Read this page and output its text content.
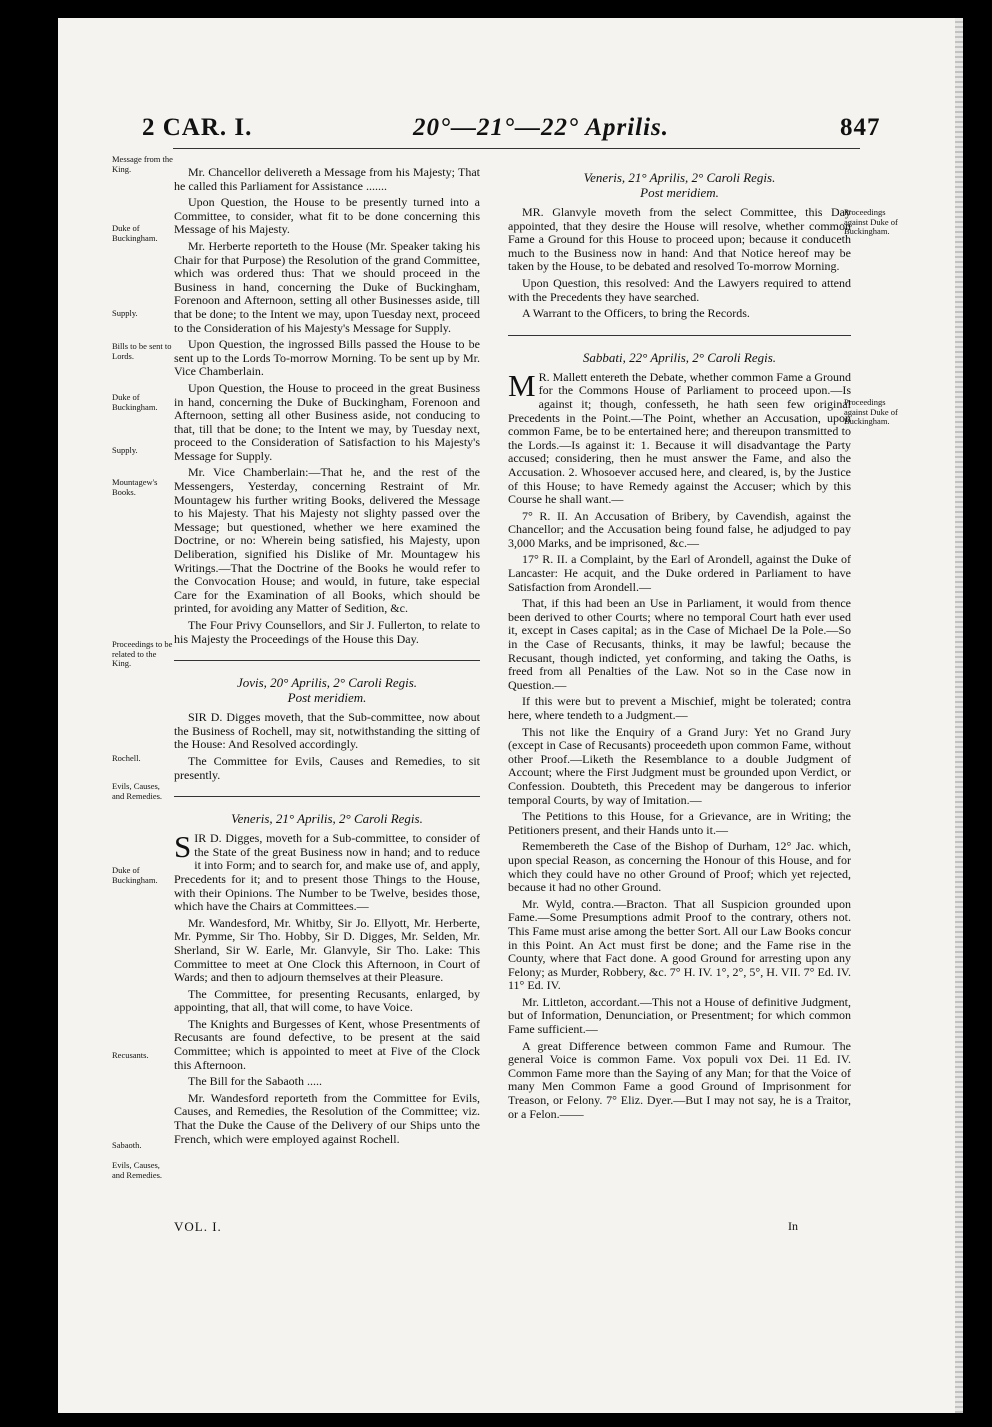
2 CAR. I.	20°—21°—22° Aprilis.	847
Message from the King.
Duke of Buckingham.
Supply.
Bills to be sent to Lords.
Duke of Buckingham.
Supply.
Mountagew's Books.
Proceedings to be related to the King.
Rochell.
Evils, Causes, and Remedies.
Duke of Buckingham.
Recusants.
Sabaoth.
Evils, Causes, and Remedies.
Proceedings against Duke of Buckingham.
Proceedings against Duke of Buckingham.

Mr. Chancellor delivereth a Message from his Majesty; That he called this Parliament for Assistance .......

Upon Question, the House to be presently turned into a Committee, to consider, what fit to be done concerning this Message of his Majesty.

Mr. Herberte reporteth to the House (Mr. Speaker taking his Chair for that Purpose) the Resolution of the grand Committee, which was ordered thus: That we should proceed in the Business in hand, concerning the Duke of Buckingham, Forenoon and Afternoon, setting all other Businesses aside, till that be done; to the Intent we may, upon Tuesday next, proceed to the Consideration of his Majesty's Message for Supply.

Upon Question, the ingrossed Bills passed the House to be sent up to the Lords To-morrow Morning. To be sent up by Mr. Vice Chamberlain.

Upon Question, the House to proceed in the great Business in hand, concerning the Duke of Buckingham, Forenoon and Afternoon, setting all other Business aside, not conducing to that, till that be done; to the Intent we may, by Tuesday next, proceed to the Consideration of Satisfaction to his Majesty's Message for Supply.

Mr. Vice Chamberlain:—That he, and the rest of the Messengers, Yesterday, concerning Restraint of Mr. Mountagew his further writing Books, delivered the Message to his Majesty. That his Majesty not slighty passed over the Message; but questioned, whether we here examined the Doctrine, or no: Wherein being satisfied, his Majesty, upon Deliberation, signified his Dislike of Mr. Mountagew his Writings.—That the Doctrine of the Books he would refer to the Convocation House; and would, in future, take especial Care for the Examination of all Books, which should be printed, for avoiding any Matter of Sedition, &c.

The Four Privy Counsellors, and Sir J. Fullerton, to relate to his Majesty the Proceedings of the House this Day.

Jovis, 20° Aprilis, 2° Caroli Regis.
Post meridiem.

SIR D. Digges moveth, that the Sub-committee, now about the Business of Rochell, may sit, notwithstanding the sitting of the House: And Resolved accordingly.

The Committee for Evils, Causes and Remedies, to sit presently.

Veneris, 21° Aprilis, 2° Caroli Regis.

SIR D. Digges, moveth for a Sub-committee, to consider of the State of the great Business now in hand; and to reduce it into Form; and to search for, and make use of, and apply, Precedents for it; and to present those Things to the House, with their Opinions. The Number to be Twelve, besides those, which have the Chairs at Committees.—

Mr. Wandesford, Mr. Whitby, Sir Jo. Ellyott, Mr. Herberte, Mr. Pymme, Sir Tho. Hobby, Sir D. Digges, Mr. Selden, Mr. Sherland, Sir W. Earle, Mr. Glanvyle, Sir Tho. Lake: This Committee to meet at One Clock this Afternoon, in Court of Wards; and then to adjourn themselves at their Pleasure.

The Committee, for presenting Recusants, enlarged, by appointing, that all, that will come, to have Voice.

The Knights and Burgesses of Kent, whose Presentments of Recusants are found defective, to be present at the said Committee; which is appointed to meet at Five of the Clock this Afternoon.

The Bill for the Sabaoth .....

Mr. Wandesford reporteth from the Committee for Evils, Causes, and Remedies, the Resolution of the Committee; viz. That the Duke the Cause of the Delivery of our Ships unto the French, which were employed against Rochell.

Veneris, 21° Aprilis, 2° Caroli Regis.
Post meridiem.

MR. Glanvyle moveth from the select Committee, this Day appointed, that they desire the House will resolve, whether common Fame a Ground for this House to proceed upon; because it conduceth much to the Business now in hand: And that Notice hereof may be taken by the House, to be debated and resolved To-morrow Morning.

Upon Question, this resolved: And the Lawyers required to attend with the Precedents they have searched.

A Warrant to the Officers, to bring the Records.

Sabbati, 22° Aprilis, 2° Caroli Regis.

M R. Mallett entereth the Debate, whether common Fame a Ground for the Commons House of Parliament to proceed upon.—Is against it; though, confesseth, he hath seen few original Precedents in the Point.—The Point, whether an Accusation, upon common Fame, be to be entertained here; and thereupon transmitted to the Lords.—Is against it: 1. Because it will disadvantage the Party accused; considering, then he must answer the Fame, and also the Accusation. 2. Whosoever accused here, and cleared, is, by the Justice of this House; to have Remedy against the Accuser; which by this Course he shall want.—

7° R. II. An Accusation of Bribery, by Cavendish, against the Chancellor; and the Accusation being found false, he adjudged to pay 3,000 Marks, and be imprisoned, &c.—

17° R. II. a Complaint, by the Earl of Arondell, against the Duke of Lancaster: He acquit, and the Duke ordered in Parliament to have Satisfaction from Arondell.—

That, if this had been an Use in Parliament, it would from thence been derived to other Courts; where no temporal Court hath ever used it, except in Cases capital; as in the Case of Michael De la Pole.—So in the Case of Recusants, thinks, it may be lawful; because the Recusant, though indicted, yet conforming, and taking the Oaths, is freed from all Penalties of the Law. Not so in the Case now in Question.—

If this were but to prevent a Mischief, might be tolerated; contra here, where tendeth to a Judgment.—

This not like the Enquiry of a Grand Jury: Yet no Grand Jury (except in Case of Recusants) proceedeth upon common Fame, without other Proof.—Liketh the Resemblance to a double Judgment of Account; where the First Judgment must be grounded upon Verdict, or Confession. Doubteth, this Precedent may be dangerous to inferior temporal Courts, by way of Imitation.—

The Petitions to this House, for a Grievance, are in Writing; the Petitioners present, and their Hands unto it.—

Remembereth the Case of the Bishop of Durham, 12° Jac. which, upon special Reason, as concerning the Honour of this House, and for which they could have no other Ground of Proof; which yet rejected, because it had no other Ground.

Mr. Wyld, contra.—Bracton. That all Suspicion grounded upon Fame.—Some Presumptions admit Proof to the contrary, others not. This Fame must arise among the better Sort. All our Law Books concur in this Point. An Act must first be done; and the Fame rise in the County, where that Fact done. A good Ground for arresting upon any Felony; as Murder, Robbery, &c. 7° H. IV. 1°, 2°, 5°, H. VII. 7° Ed. IV. 11° Ed. IV.

Mr. Littleton, accordant.—This not a House of definitive Judgment, but of Information, Denunciation, or Presentment; for which common Fame sufficient.—

A great Difference between common Fame and Rumour. The general Voice is common Fame. Vox populi vox Dei. 11 Ed. IV. Common Fame more than the Saying of any Man; for that the Voice of many Men Common Fame a good Ground of Imprisonment for Treason, or Felony. 7° Eliz. Dyer.—But I may not say, he is a Traitor, or a Felon.——

VOL. I.	In
